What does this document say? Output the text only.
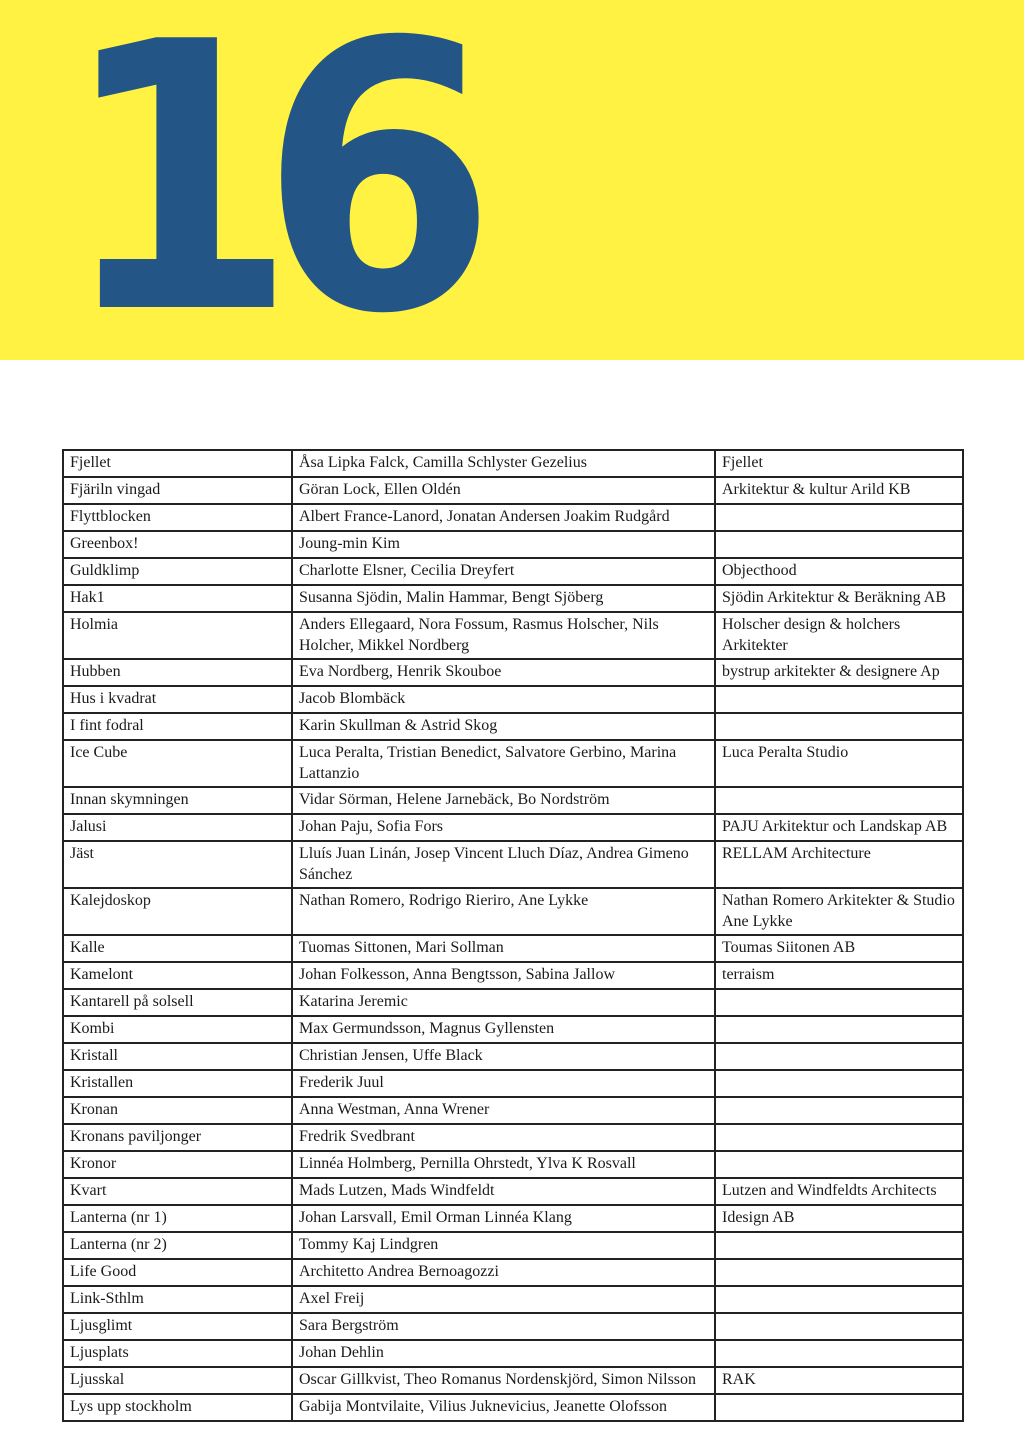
16
Fjellet	Åsa Lipka Falck, Camilla Schlyster Gezelius	Fjellet
Fjäriln vingad	Göran Lock, Ellen Oldén	Arkitektur & kultur Arild KB
Flyttblocken	Albert France-Lanord, Jonatan Andersen Joakim Rudgård	
Greenbox!	Joung-min Kim	
Guldklimp	Charlotte Elsner, Cecilia Dreyfert	Objecthood
Hak1	Susanna Sjödin, Malin Hammar, Bengt Sjöberg	Sjödin Arkitektur & Beräkning AB
Holmia	Anders Ellegaard, Nora Fossum, Rasmus Holscher, Nils Holcher, Mikkel Nordberg	Holscher design & holchers Arkitekter
Hubben	Eva Nordberg, Henrik Skouboe	bystrup arkitekter & designere Ap
Hus i kvadrat	Jacob Blombäck	
I fint fodral	Karin Skullman & Astrid Skog	
Ice Cube	Luca Peralta, Tristian Benedict, Salvatore Gerbino, Marina Lattanzio	Luca Peralta Studio
Innan skymningen	Vidar Sörman, Helene Jarnebäck, Bo Nordström	
Jalusi	Johan Paju, Sofia Fors	PAJU Arkitektur och Landskap AB
Jäst	Lluís Juan Linán, Josep Vincent Lluch Díaz, Andrea Gimeno Sánchez	RELLAM Architecture
Kalejdoskop	Nathan Romero, Rodrigo Rieriro, Ane Lykke	Nathan Romero Arkitekter & Studio Ane Lykke
Kalle	Tuomas Sittonen, Mari Sollman	Toumas Siitonen AB
Kamelont	Johan Folkesson, Anna Bengtsson, Sabina Jallow	terraism
Kantarell på solsell	Katarina Jeremic	
Kombi	Max Germundsson, Magnus Gyllensten	
Kristall	Christian Jensen, Uffe Black	
Kristallen	Frederik Juul	
Kronan	Anna Westman, Anna Wrener	
Kronans paviljonger	Fredrik Svedbrant	
Kronor	Linnéa Holmberg, Pernilla Ohrstedt, Ylva K Rosvall	
Kvart	Mads Lutzen, Mads Windfeldt	Lutzen and Windfeldts Architects
Lanterna (nr 1)	Johan Larsvall, Emil Orman Linnéa Klang	Idesign AB
Lanterna (nr 2)	Tommy Kaj Lindgren	
Life Good	Architetto Andrea Bernoagozzi	
Link-Sthlm	Axel Freij	
Ljusglimt	Sara Bergström	
Ljusplats	Johan Dehlin	
Ljusskal	Oscar Gillkvist, Theo Romanus Nordenskjörd, Simon Nilsson	RAK
Lys upp stockholm	Gabija Montvilaite, Vilius Juknevicius, Jeanette Olofsson	
